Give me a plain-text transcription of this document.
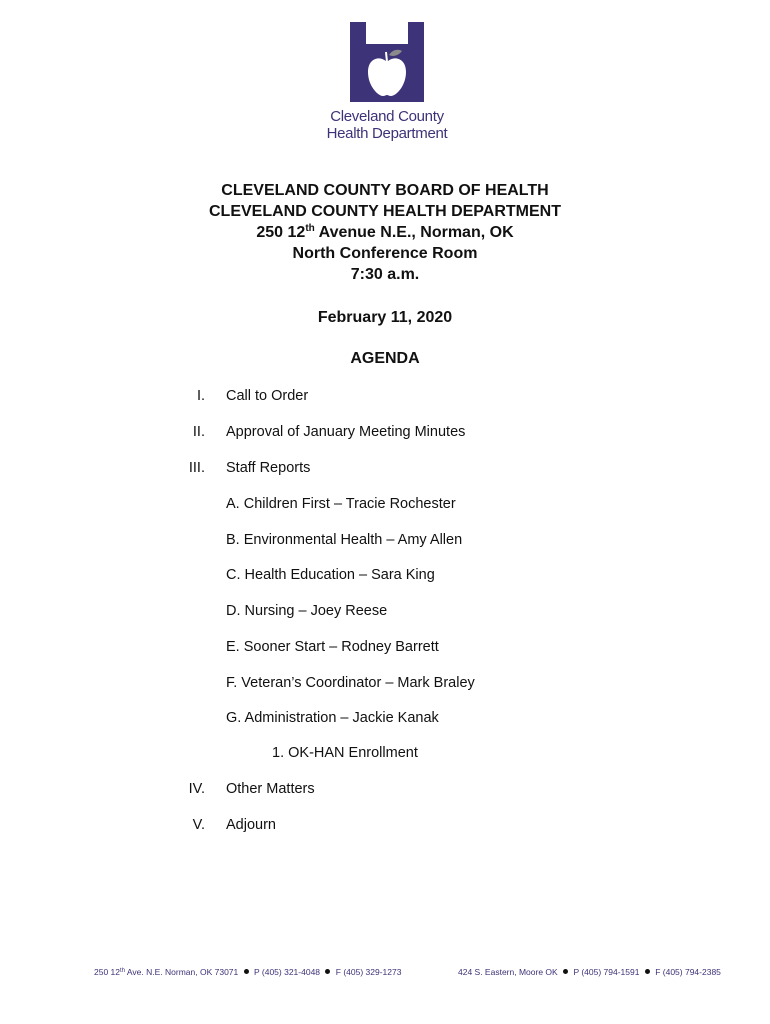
Cleveland County
Health Department
CLEVELAND COUNTY BOARD OF HEALTH
CLEVELAND COUNTY HEALTH DEPARTMENT
250 12th Avenue N.E., Norman, OK
North Conference Room
7:30 a.m.
February 11, 2020
AGENDA
I. Call to Order
II. Approval of January Meeting Minutes
III. Staff Reports
A. Children First – Tracie Rochester
B. Environmental Health – Amy Allen
C. Health Education – Sara King
D. Nursing – Joey Reese
E. Sooner Start – Rodney Barrett
F. Veteran’s Coordinator – Mark Braley
G. Administration – Jackie Kanak
1. OK-HAN Enrollment
IV. Other Matters
V. Adjourn
250 12th Ave. N.E. Norman, OK 73071 P (405) 321-4048 F (405) 329-1273	424 S. Eastern, Moore OK P (405) 794-1591 F (405) 794-2385
